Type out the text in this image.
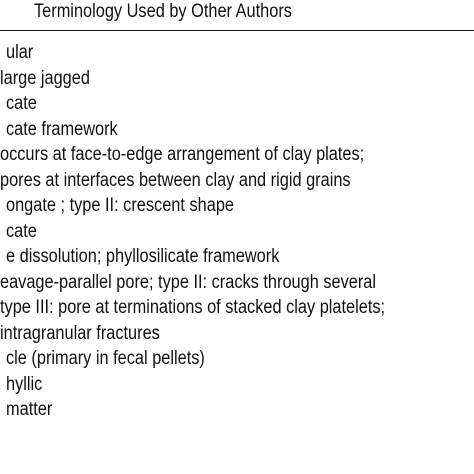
Terminology Used by Other Authors
ular
large jagged
cate
cate framework
occurs at face-to-edge arrangement of clay plates;
pores at interfaces between clay and rigid grains
ongate ; type II: crescent shape
cate
e dissolution; phyllosilicate framework
eavage-parallel pore; type II: cracks through several
type III: pore at terminations of stacked clay platelets;
intragranular fractures
cle (primary in fecal pellets)
hyllic
matter
